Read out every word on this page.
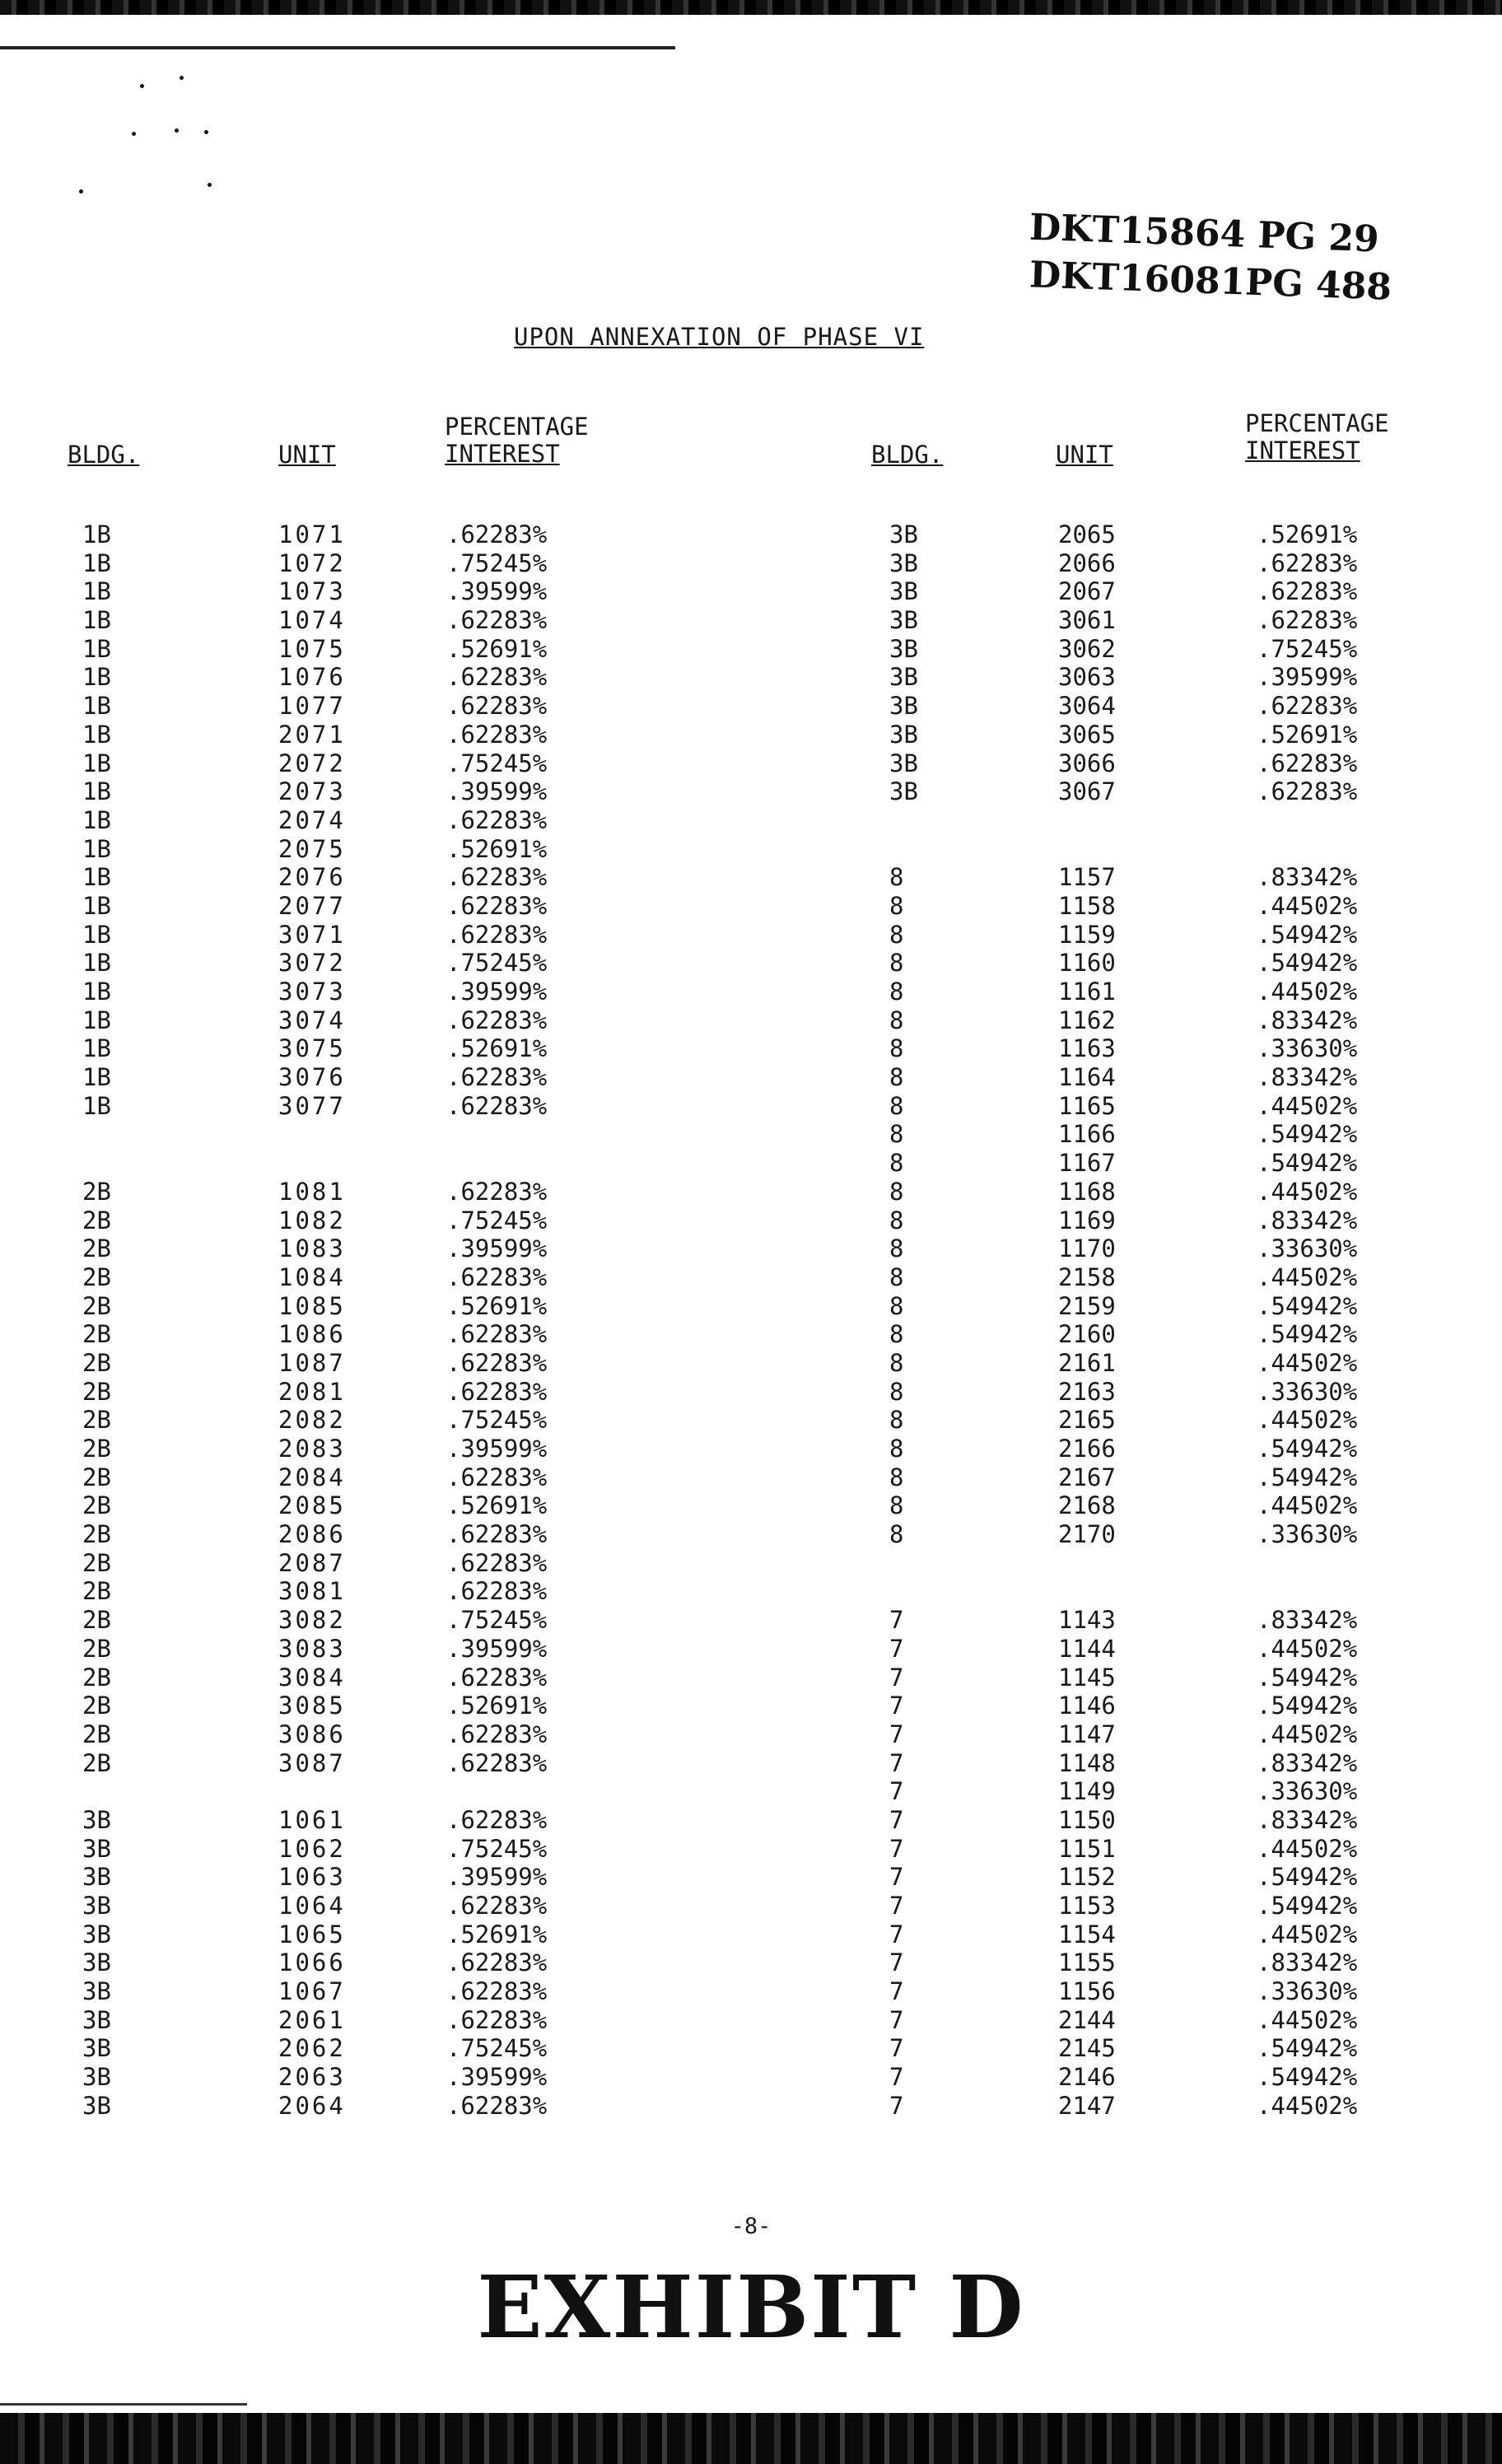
DKT15864 PG 29
DKT16081PG 488
UPON ANNEXATION OF PHASE VI
BLDG.	UNIT
PERCENTAGE
INTEREST	BLDG.	UNIT
PERCENTAGE
INTEREST
1B	1071	.62283%	3B	2065	.52691%
1B	1072	.75245%	3B	2066	.62283%
1B	1073	.39599%	3B	2067	.62283%
1B	1074	.62283%	3B	3061	.62283%
1B	1075	.52691%	3B	3062	.75245%
1B	1076	.62283%	3B	3063	.39599%
1B	1077	.62283%	3B	3064	.62283%
1B	2071	.62283%	3B	3065	.52691%
1B	2072	.75245%	3B	3066	.62283%
1B	2073	.39599%	3B	3067	.62283%
1B	2074	.62283%
1B	2075	.52691%
1B	2076	.62283%	8	1157	.83342%
1B	2077	.62283%	8	1158	.44502%
1B	3071	.62283%	8	1159	.54942%
1B	3072	.75245%	8	1160	.54942%
1B	3073	.39599%	8	1161	.44502%
1B	3074	.62283%	8	1162	.83342%
1B	3075	.52691%	8	1163	.33630%
1B	3076	.62283%	8	1164	.83342%
1B	3077	.62283%	8	1165	.44502%
8	1166	.54942%
8	1167	.54942%
2B	1081	.62283%	8	1168	.44502%
2B	1082	.75245%	8	1169	.83342%
2B	1083	.39599%	8	1170	.33630%
2B	1084	.62283%	8	2158	.44502%
2B	1085	.52691%	8	2159	.54942%
2B	1086	.62283%	8	2160	.54942%
2B	1087	.62283%	8	2161	.44502%
2B	2081	.62283%	8	2163	.33630%
2B	2082	.75245%	8	2165	.44502%
2B	2083	.39599%	8	2166	.54942%
2B	2084	.62283%	8	2167	.54942%
2B	2085	.52691%	8	2168	.44502%
2B	2086	.62283%	8	2170	.33630%
2B	2087	.62283%
2B	3081	.62283%
2B	3082	.75245%	7	1143	.83342%
2B	3083	.39599%	7	1144	.44502%
2B	3084	.62283%	7	1145	.54942%
2B	3085	.52691%	7	1146	.54942%
2B	3086	.62283%	7	1147	.44502%
2B	3087	.62283%	7	1148	.83342%
7	1149	.33630%
3B	1061	.62283%	7	1150	.83342%
3B	1062	.75245%	7	1151	.44502%
3B	1063	.39599%	7	1152	.54942%
3B	1064	.62283%	7	1153	.54942%
3B	1065	.52691%	7	1154	.44502%
3B	1066	.62283%	7	1155	.83342%
3B	1067	.62283%	7	1156	.33630%
3B	2061	.62283%	7	2144	.44502%
3B	2062	.75245%	7	2145	.54942%
3B	2063	.39599%	7	2146	.54942%
3B	2064	.62283%	7	2147	.44502%
-8-
EXHIBIT D
